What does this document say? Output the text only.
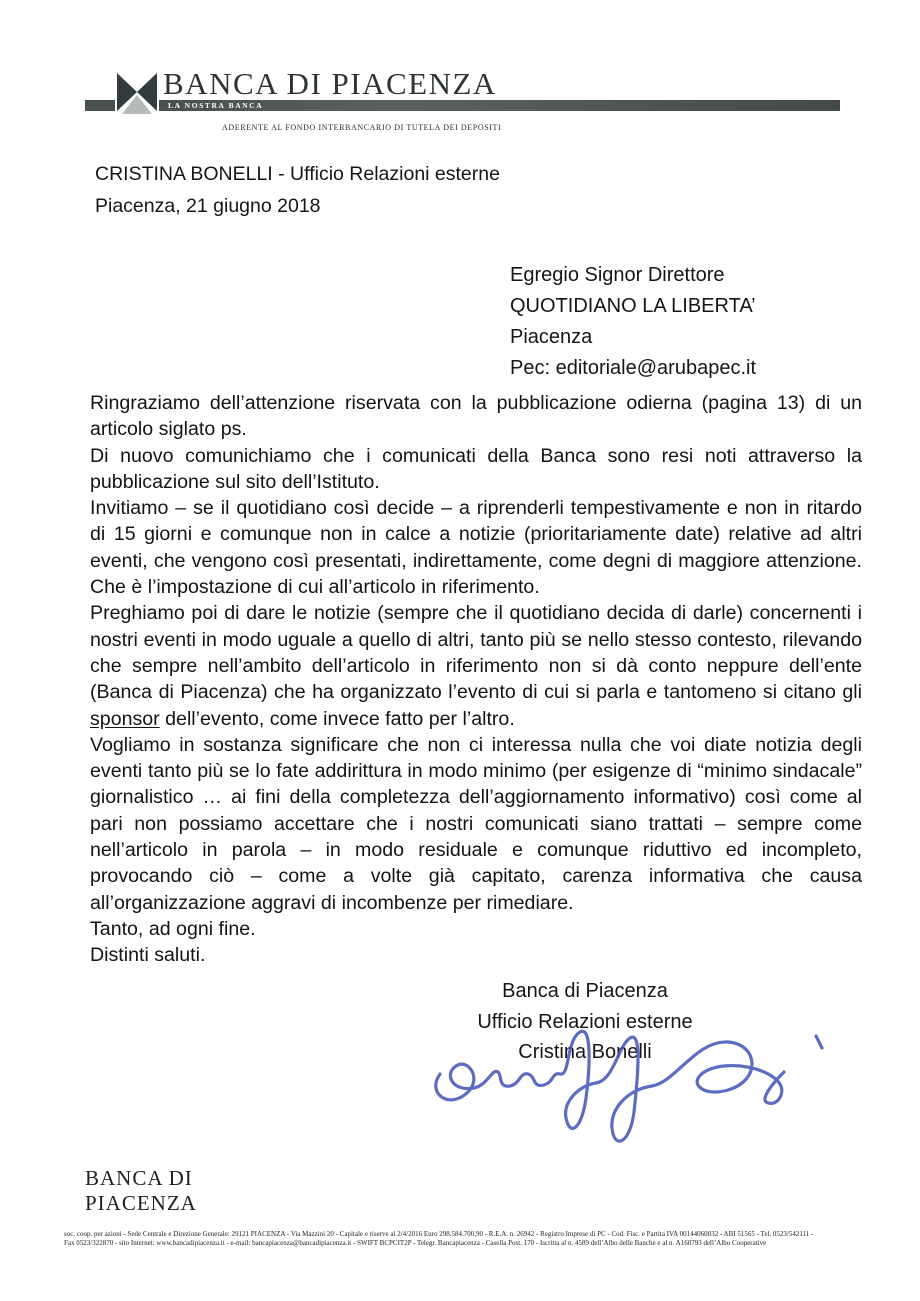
LA NOSTRA BANCA
BANCA DI PIACENZA
ADERENTE AL FONDO INTERBANCARIO DI TUTELA DEI DEPOSITI
CRISTINA BONELLI - Ufficio Relazioni esterne
Piacenza, 21 giugno 2018
Egregio Signor Direttore
QUOTIDIANO LA LIBERTA’
Piacenza
Pec: editoriale@arubapec.it

Ringraziamo dell’attenzione riservata con la pubblicazione odierna (pagina 13) di un articolo siglato ps.

Di nuovo comunichiamo che i comunicati della Banca sono resi noti attraverso la pubblicazione sul sito dell’Istituto.

Invitiamo – se il quotidiano così decide – a riprenderli tempestivamente e non in ritardo di 15 giorni e comunque non in calce a notizie (prioritariamente date) relative ad altri eventi, che vengono così presentati, indirettamente, come degni di maggiore attenzione. Che è l’impostazione di cui all’articolo in riferimento.

Preghiamo poi di dare le notizie (sempre che il quotidiano decida di darle) concernenti i nostri eventi in modo uguale a quello di altri, tanto più se nello stesso contesto, rilevando che sempre nell’ambito dell’articolo in riferimento non si dà conto neppure dell’ente (Banca di Piacenza) che ha organizzato l’evento di cui si parla e tantomeno si citano gli sponsor dell’evento, come invece fatto per l’altro.

Vogliamo in sostanza significare che non ci interessa nulla che voi diate notizia degli eventi tanto più se lo fate addirittura in modo minimo (per esigenze di “minimo sindacale” giornalistico … ai fini della completezza dell’aggiornamento informativo) così come al pari non possiamo accettare che i nostri comunicati siano trattati – sempre come nell’articolo in parola – in modo residuale e comunque riduttivo ed incompleto, provocando ciò – come a volte già capitato, carenza informativa che causa all’organizzazione aggravi di incombenze per rimediare.

Tanto, ad ogni fine.
Distinti saluti.
Banca di Piacenza
Ufficio Relazioni esterne
Cristina Bonelli
BANCA DI
PIACENZA
soc. coop. per azioni - Sede Centrale e Direzione Generale: 29121 PIACENZA - Via Mazzini 20 - Capitale e riserve al 2/4/2016 Euro 298.584.700,90 - R.E.A. n. 26942 - Registro Imprese di PC - Cod. Fisc. e Partita IVA 00144060032 - ABI 51565 - Tel. 0523/542111 -
Fax 0523/322870 - sito Internet: www.bancadipiacenza.it - e-mail: bancapiacenza@bancadipiacenza.it - SWIFT BCPCIT2P - Telegr. Bancapiacenza - Casella Post. 170 - Iscritta al n. 4589 dell’Albo delle Banche e al n. A160793 dell’Albo Cooperative
